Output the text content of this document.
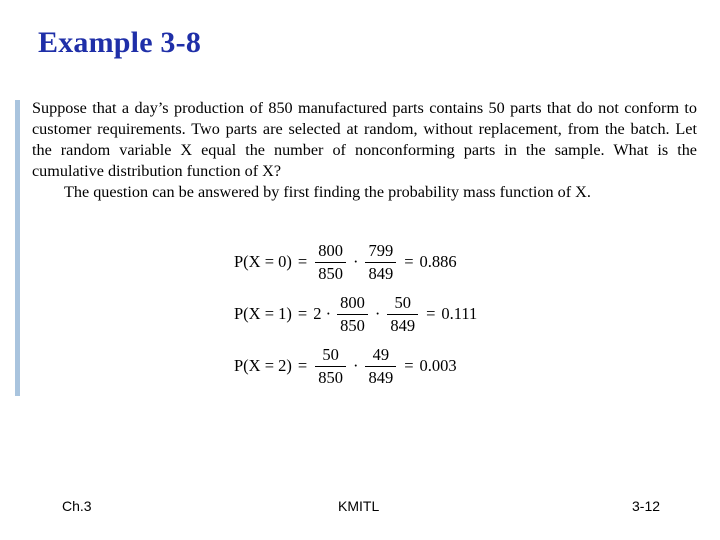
Example 3-8

Suppose that a day’s production of 850 manufactured parts contains 50 parts that do not conform to customer requirements. Two parts are selected at random, without replacement, from the batch. Let the random variable X equal the number of nonconforming parts in the sample. What is the cumulative distribution function of X?

The question can be answered by first finding the probability mass function of X.

$P(X = 0) = \frac{800}{850} \cdot \frac{799}{849} = 0.886$
$P(X = 1) = 2 \cdot \frac{800}{850} \cdot \frac{50}{849} = 0.111$
$P(X = 2) = \frac{50}{850} \cdot \frac{49}{849} = 0.003$
Ch.3	KMITL	3-12
